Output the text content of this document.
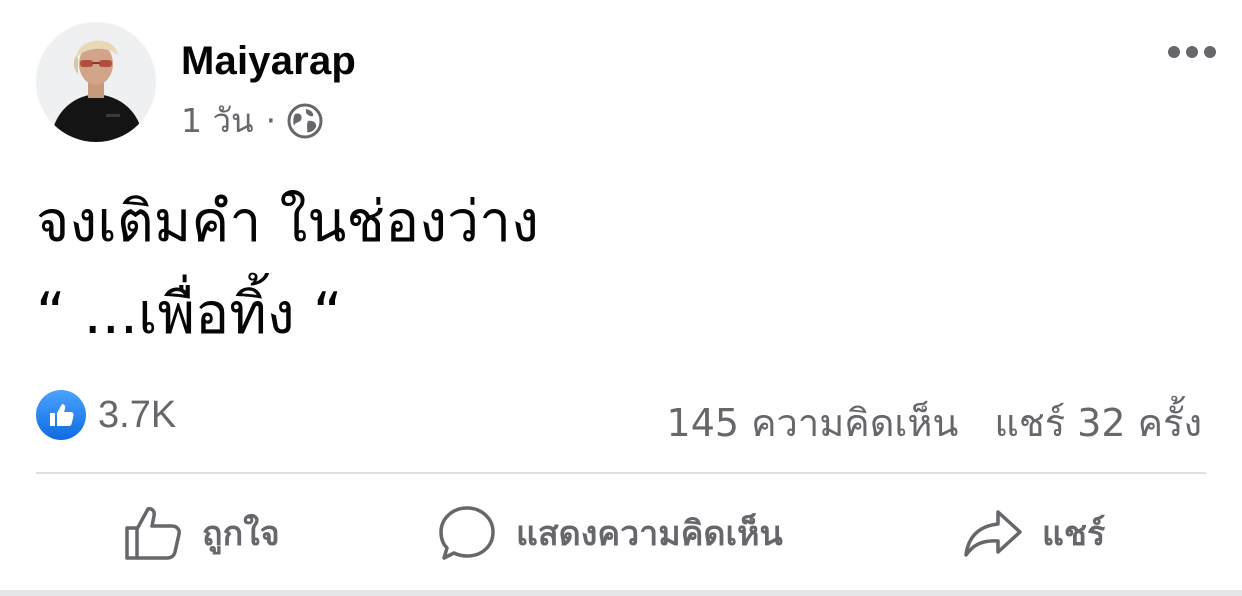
Maiyarap
1 วัน ·
จงเติมคำ ในช่องว่าง
“ ...เพื่อทิ้ง “
3.7K	145 ความคิดเห็น แชร์ 32 ครั้ง
ถูกใจ	แสดงความคิดเห็น	แชร์
